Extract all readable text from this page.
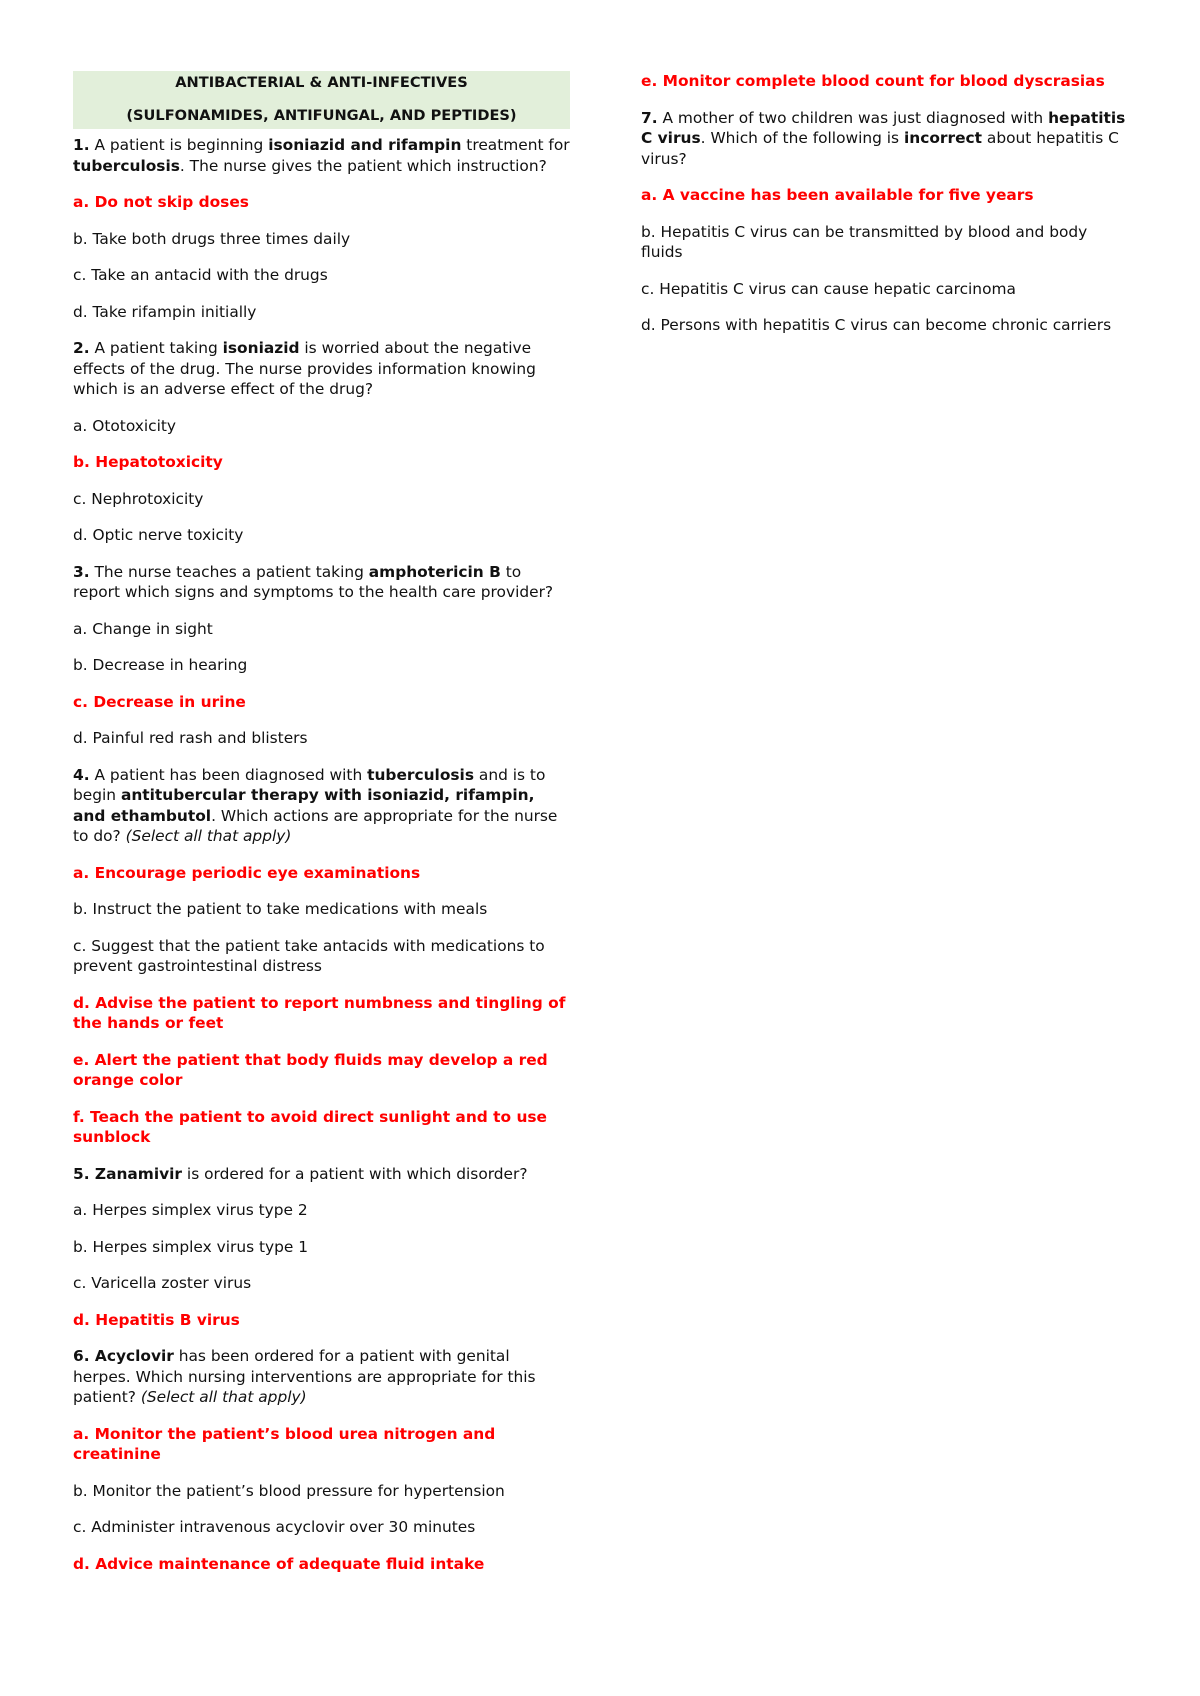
ANTIBACTERIAL & ANTI-INFECTIVES

(SULFONAMIDES, ANTIFUNGAL, AND PEPTIDES)

1. A patient is beginning isoniazid and rifampin treatment for tuberculosis. The nurse gives the patient which instruction?

a. Do not skip doses

b. Take both drugs three times daily

c. Take an antacid with the drugs

d. Take rifampin initially

2. A patient taking isoniazid is worried about the negative effects of the drug. The nurse provides information knowing which is an adverse effect of the drug?

a. Ototoxicity

b. Hepatotoxicity

c. Nephrotoxicity

d. Optic nerve toxicity

3. The nurse teaches a patient taking amphotericin B to report which signs and symptoms to the health care provider?

a. Change in sight

b. Decrease in hearing

c. Decrease in urine

d. Painful red rash and blisters

4. A patient has been diagnosed with tuberculosis and is to begin antitubercular therapy with isoniazid, rifampin, and ethambutol. Which actions are appropriate for the nurse to do? (Select all that apply)

a. Encourage periodic eye examinations

b. Instruct the patient to take medications with meals

c. Suggest that the patient take antacids with medications to prevent gastrointestinal distress

d. Advise the patient to report numbness and tingling of the hands or feet

e. Alert the patient that body fluids may develop a red orange color

f. Teach the patient to avoid direct sunlight and to use sunblock

5. Zanamivir is ordered for a patient with which disorder?

a. Herpes simplex virus type 2

b. Herpes simplex virus type 1

c. Varicella zoster virus

d. Hepatitis B virus

6. Acyclovir has been ordered for a patient with genital herpes. Which nursing interventions are appropriate for this patient? (Select all that apply)

a. Monitor the patient’s blood urea nitrogen and creatinine

b. Monitor the patient’s blood pressure for hypertension

c. Administer intravenous acyclovir over 30 minutes

d. Advice maintenance of adequate fluid intake

e. Monitor complete blood count for blood dyscrasias

7. A mother of two children was just diagnosed with hepatitis C virus. Which of the following is incorrect about hepatitis C virus?

a. A vaccine has been available for five years

b. Hepatitis C virus can be transmitted by blood and body fluids

c. Hepatitis C virus can cause hepatic carcinoma

d. Persons with hepatitis C virus can become chronic carriers
